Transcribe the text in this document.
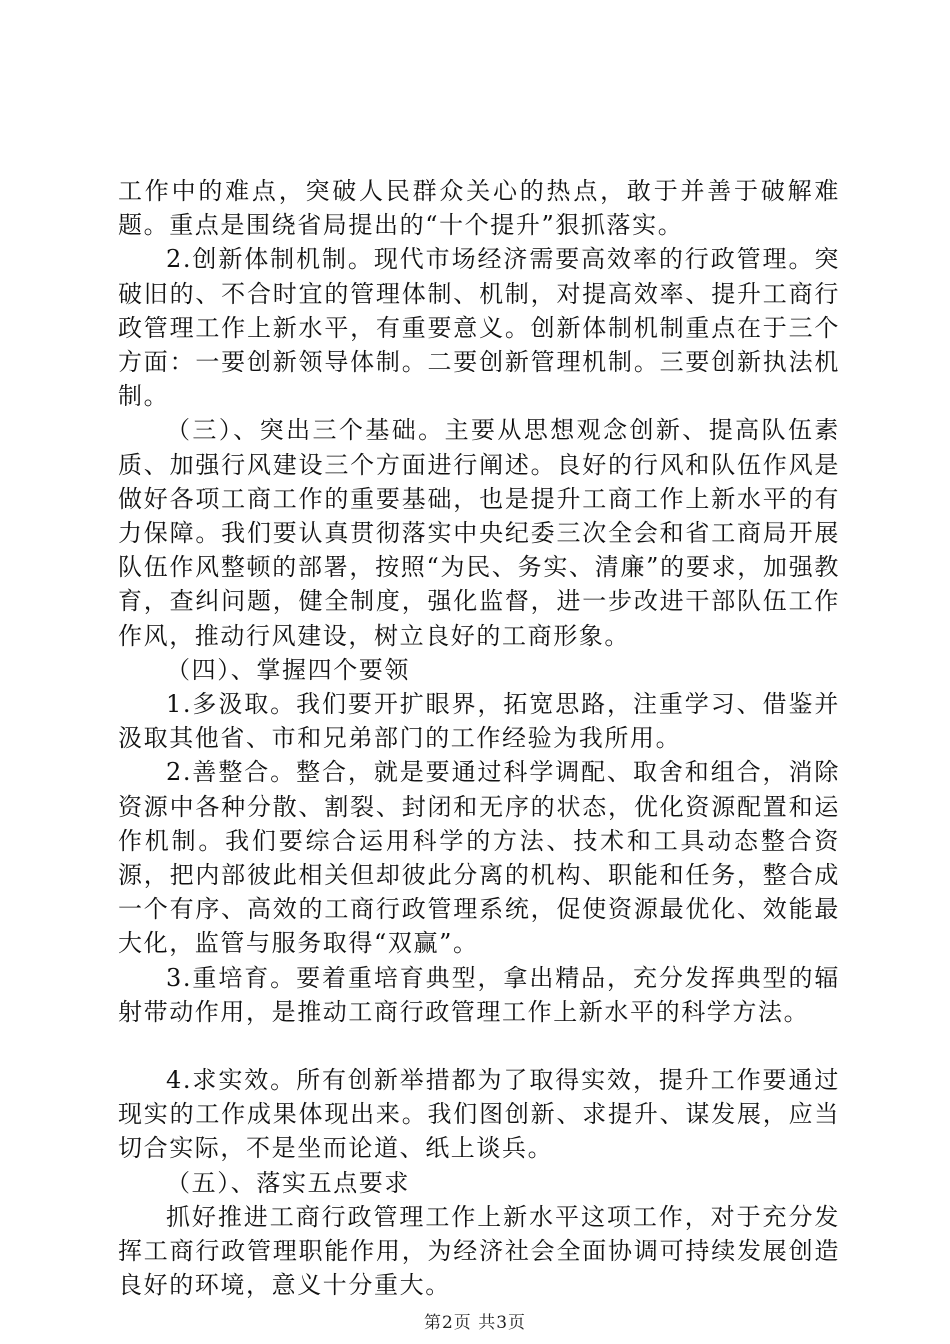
工作中的难点，突破人民群众关心的热点，敢于并善于破解难题。重点是围绕省局提出的“十个提升”狠抓落实。

2.创新体制机制。现代市场经济需要高效率的行政管理。突破旧的、不合时宜的管理体制、机制，对提高效率、提升工商行政管理工作上新水平，有重要意义。创新体制机制重点在于三个方面：一要创新领导体制。二要创新管理机制。三要创新执法机制。

（三）、突出三个基础。主要从思想观念创新、提高队伍素质、加强行风建设三个方面进行阐述。良好的行风和队伍作风是做好各项工商工作的重要基础，也是提升工商工作上新水平的有力保障。我们要认真贯彻落实中央纪委三次全会和省工商局开展队伍作风整顿的部署，按照“为民、务实、清廉”的要求，加强教育，查纠问题，健全制度，强化监督，进一步改进干部队伍工作作风，推动行风建设，树立良好的工商形象。

（四）、掌握四个要领

1.多汲取。我们要开扩眼界，拓宽思路，注重学习、借鉴并汲取其他省、市和兄弟部门的工作经验为我所用。

2.善整合。整合，就是要通过科学调配、取舍和组合，消除资源中各种分散、割裂、封闭和无序的状态，优化资源配置和运作机制。我们要综合运用科学的方法、技术和工具动态整合资源，把内部彼此相关但却彼此分离的机构、职能和任务，整合成一个有序、高效的工商行政管理系统，促使资源最优化、效能最大化，监管与服务取得“双赢”。

3.重培育。要着重培育典型，拿出精品，充分发挥典型的辐射带动作用，是推动工商行政管理工作上新水平的科学方法。

4.求实效。所有创新举措都为了取得实效，提升工作要通过现实的工作成果体现出来。我们图创新、求提升、谋发展，应当切合实际，不是坐而论道、纸上谈兵。

（五）、落实五点要求

抓好推进工商行政管理工作上新水平这项工作，对于充分发挥工商行政管理职能作用，为经济社会全面协调可持续发展创造良好的环境，意义十分重大。

第2页 共3页
